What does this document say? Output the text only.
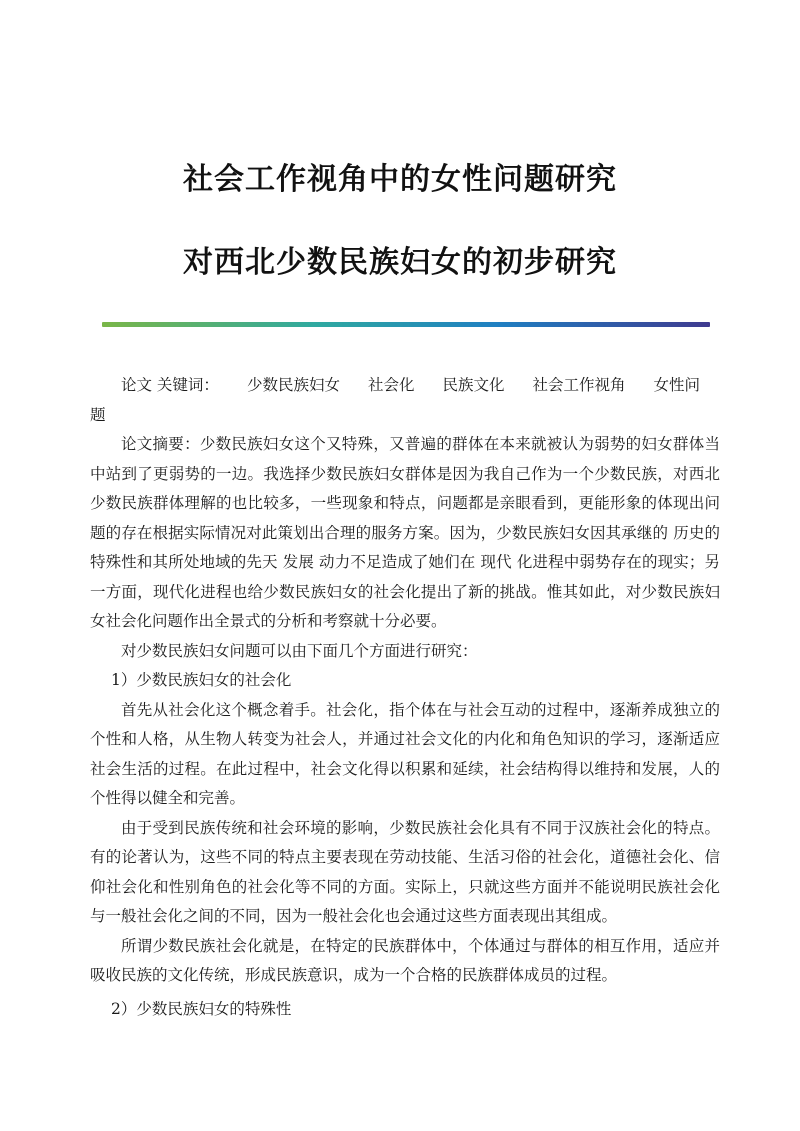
社会工作视角中的女性问题研究
对西北少数民族妇女的初步研究
论文 关键词： 少数民族妇女 社会化 民族文化 社会工作视角 女性问
题

论文摘要：少数民族妇女这个又特殊，又普遍的群体在本来就被认为弱势的妇女群体当中站到了更弱势的一边。我选择少数民族妇女群体是因为我自己作为一个少数民族，对西北少数民族群体理解的也比较多，一些现象和特点，问题都是亲眼看到，更能形象的体现出问题的存在根据实际情况对此策划出合理的服务方案。因为，少数民族妇女因其承继的 历史的特殊性和其所处地域的先天 发展 动力不足造成了她们在 现代 化进程中弱势存在的现实；另一方面，现代化进程也给少数民族妇女的社会化提出了新的挑战。惟其如此，对少数民族妇女社会化问题作出全景式的分析和考察就十分必要。

对少数民族妇女问题可以由下面几个方面进行研究：

1）少数民族妇女的社会化

首先从社会化这个概念着手。社会化，指个体在与社会互动的过程中，逐渐养成独立的个性和人格，从生物人转变为社会人，并通过社会文化的内化和角色知识的学习，逐渐适应社会生活的过程。在此过程中，社会文化得以积累和延续，社会结构得以维持和发展，人的个性得以健全和完善。

由于受到民族传统和社会环境的影响，少数民族社会化具有不同于汉族社会化的特点。有的论著认为，这些不同的特点主要表现在劳动技能、生活习俗的社会化，道德社会化、信仰社会化和性别角色的社会化等不同的方面。实际上，只就这些方面并不能说明民族社会化与一般社会化之间的不同，因为一般社会化也会通过这些方面表现出其组成。

所谓少数民族社会化就是，在特定的民族群体中，个体通过与群体的相互作用，适应并吸收民族的文化传统，形成民族意识，成为一个合格的民族群体成员的过程。

2）少数民族妇女的特殊性
